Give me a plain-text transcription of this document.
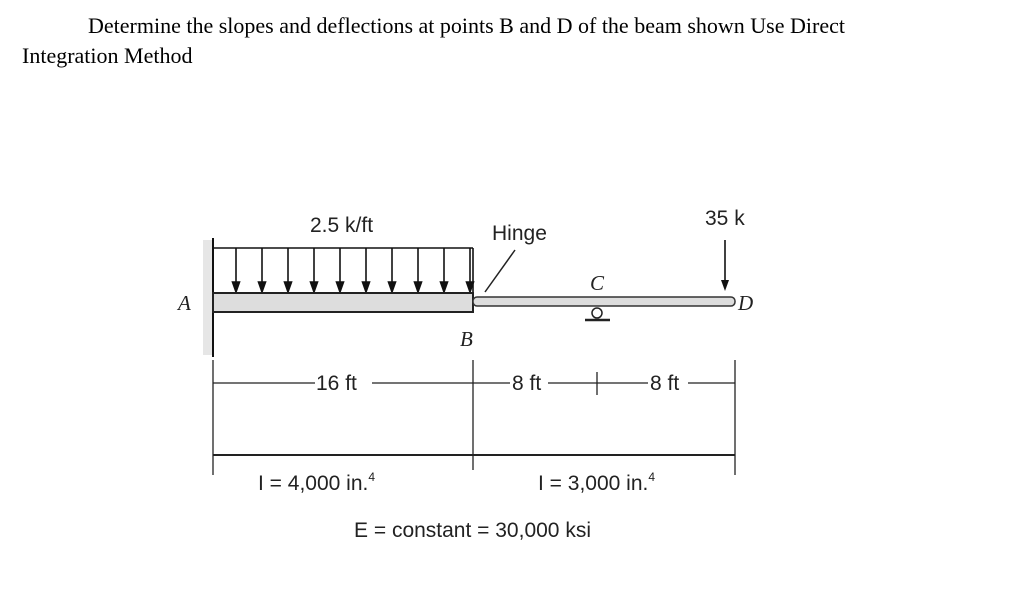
Determine the slopes and deflections at points B and D of the beam shown Use Direct
Integration Method
Hinge
2.5 k/ft
C
35 k
D
A
B
16 ft	8 ft	8 ft
I = 4,000 in.$^4$	I = 3,000 in.$^4$
E = constant = 30,000 ksi
